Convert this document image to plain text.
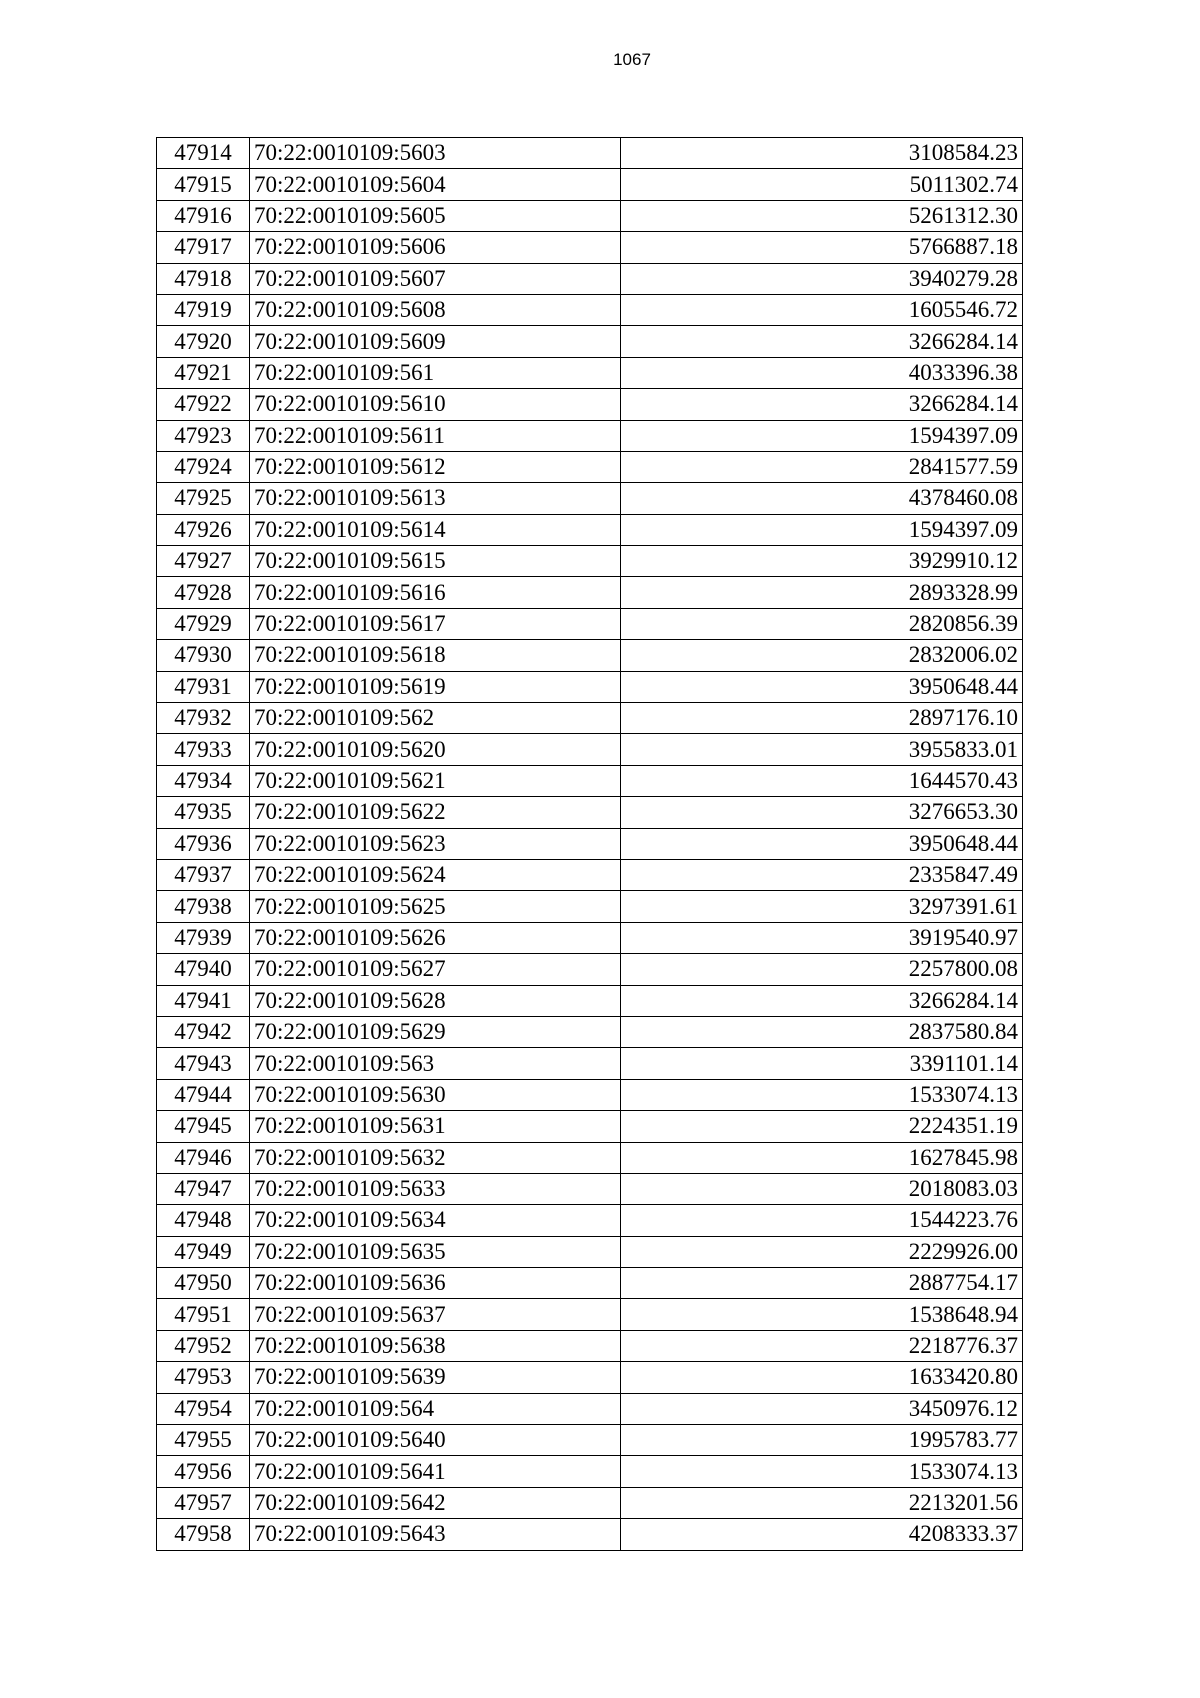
1067
47914	70:22:0010109:5603	3108584.23
47915	70:22:0010109:5604	5011302.74
47916	70:22:0010109:5605	5261312.30
47917	70:22:0010109:5606	5766887.18
47918	70:22:0010109:5607	3940279.28
47919	70:22:0010109:5608	1605546.72
47920	70:22:0010109:5609	3266284.14
47921	70:22:0010109:561	4033396.38
47922	70:22:0010109:5610	3266284.14
47923	70:22:0010109:5611	1594397.09
47924	70:22:0010109:5612	2841577.59
47925	70:22:0010109:5613	4378460.08
47926	70:22:0010109:5614	1594397.09
47927	70:22:0010109:5615	3929910.12
47928	70:22:0010109:5616	2893328.99
47929	70:22:0010109:5617	2820856.39
47930	70:22:0010109:5618	2832006.02
47931	70:22:0010109:5619	3950648.44
47932	70:22:0010109:562	2897176.10
47933	70:22:0010109:5620	3955833.01
47934	70:22:0010109:5621	1644570.43
47935	70:22:0010109:5622	3276653.30
47936	70:22:0010109:5623	3950648.44
47937	70:22:0010109:5624	2335847.49
47938	70:22:0010109:5625	3297391.61
47939	70:22:0010109:5626	3919540.97
47940	70:22:0010109:5627	2257800.08
47941	70:22:0010109:5628	3266284.14
47942	70:22:0010109:5629	2837580.84
47943	70:22:0010109:563	3391101.14
47944	70:22:0010109:5630	1533074.13
47945	70:22:0010109:5631	2224351.19
47946	70:22:0010109:5632	1627845.98
47947	70:22:0010109:5633	2018083.03
47948	70:22:0010109:5634	1544223.76
47949	70:22:0010109:5635	2229926.00
47950	70:22:0010109:5636	2887754.17
47951	70:22:0010109:5637	1538648.94
47952	70:22:0010109:5638	2218776.37
47953	70:22:0010109:5639	1633420.80
47954	70:22:0010109:564	3450976.12
47955	70:22:0010109:5640	1995783.77
47956	70:22:0010109:5641	1533074.13
47957	70:22:0010109:5642	2213201.56
47958	70:22:0010109:5643	4208333.37
